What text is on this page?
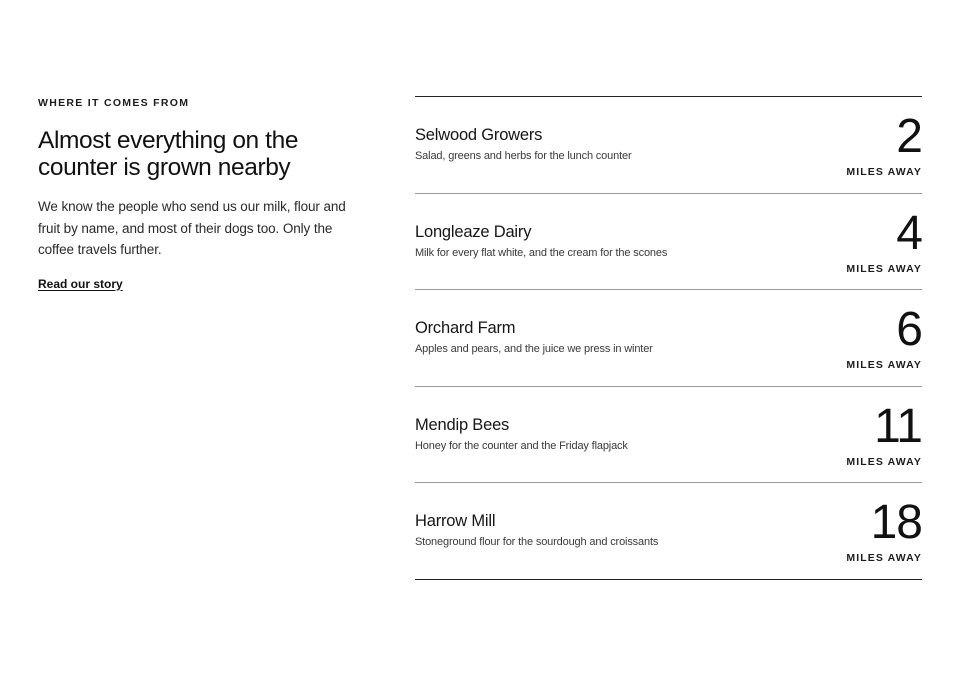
WHERE IT COMES FROM
Almost everything on the counter is grown nearby

We know the people who send us our milk, flour and fruit by name, and most of their dogs too. Only the coffee travels further.

Read our story
Selwood Growers
Salad, greens and herbs for the lunch counter	2
MILES AWAY
Longleaze Dairy
Milk for every flat white, and the cream for the scones	4
MILES AWAY
Orchard Farm
Apples and pears, and the juice we press in winter	6
MILES AWAY
Mendip Bees
Honey for the counter and the Friday flapjack	11
MILES AWAY
Harrow Mill
Stoneground flour for the sourdough and croissants	18
MILES AWAY
